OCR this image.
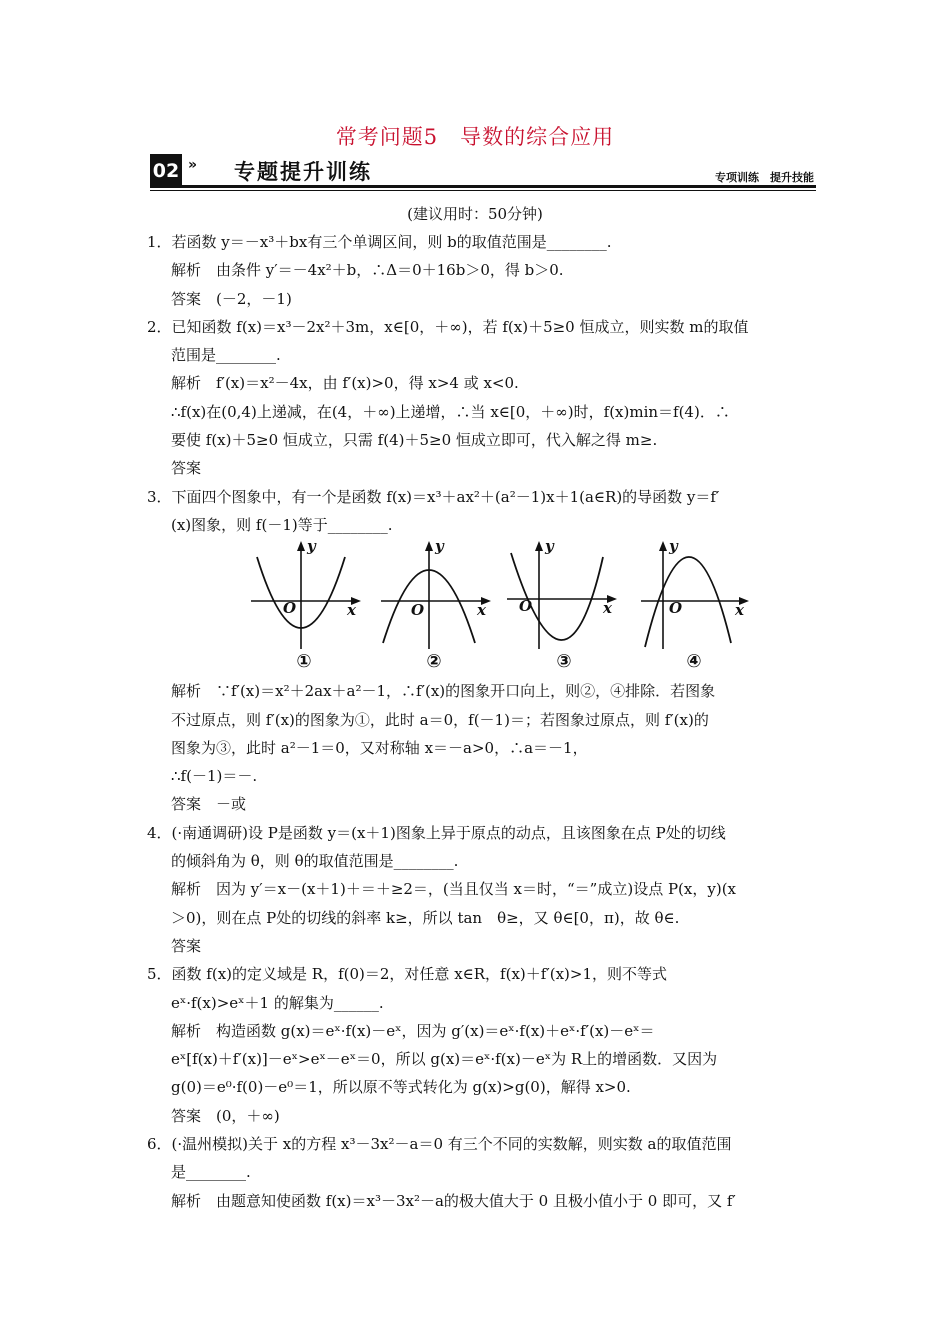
常考问题5　导数的综合应用
02 » 专题提升训练	专项训练　提升技能
(建议用时：50分钟)
1．若函数 y＝－x³＋bx有三个单调区间，则 b的取值范围是________.
解析　由条件 y′＝－4x²＋b，∴Δ＝0＋16b＞0，得 b＞0.
答案　(－2，－1)
2．已知函数 f(x)＝x³－2x²＋3m，x∈[0，＋∞)，若 f(x)＋5≥0 恒成立，则实数 m的取值
范围是________.
解析　f′(x)＝x²－4x，由 f′(x)>0，得 x>4 或 x<0.
∴f(x)在(0,4)上递减，在(4，＋∞)上递增，∴当 x∈[0，＋∞)时，f(x)min＝f(4)．∴
要使 f(x)＋5≥0 恒成立，只需 f(4)＋5≥0 恒成立即可，代入解之得 m≥.
答案
3．下面四个图象中，有一个是函数 f(x)＝x³＋ax²＋(a²－1)x＋1(a∈R)的导函数 y＝f′
(x)图象，则 f(－1)等于________.
y
x
O
①
y
x
O
②
y
x
O
③
y
x
O
④
解析　∵f′(x)＝x²＋2ax＋a²－1，∴f′(x)的图象开口向上，则②，④排除．若图象
不过原点，则 f′(x)的图象为①，此时 a＝0，f(－1)＝；若图象过原点，则 f′(x)的
图象为③，此时 a²－1＝0，又对称轴 x＝－a>0，∴a＝－1，
∴f(－1)＝－.
答案　－或
4．(·南通调研)设 P是函数 y＝(x＋1)图象上异于原点的动点，且该图象在点 P处的切线
的倾斜角为 θ，则 θ的取值范围是________.
解析　因为 y′＝x－(x＋1)＋＝＋≥2＝，(当且仅当 x＝时，“＝”成立)设点 P(x，y)(x
＞0)，则在点 P处的切线的斜率 k≥，所以 tan　θ≥，又 θ∈[0，π)，故 θ∈.
答案
5．函数 f(x)的定义域是 R，f(0)＝2，对任意 x∈R，f(x)＋f′(x)>1，则不等式
eˣ·f(x)>eˣ＋1 的解集为______.
解析　构造函数 g(x)＝eˣ·f(x)－eˣ，因为 g′(x)＝eˣ·f(x)＋eˣ·f′(x)－eˣ＝
eˣ[f(x)＋f′(x)]－eˣ>eˣ－eˣ＝0，所以 g(x)＝eˣ·f(x)－eˣ为 R上的增函数．又因为
g(0)＝e⁰·f(0)－e⁰＝1，所以原不等式转化为 g(x)>g(0)，解得 x>0.
答案　(0，＋∞)
6．(·温州模拟)关于 x的方程 x³－3x²－a＝0 有三个不同的实数解，则实数 a的取值范围
是________.
解析　由题意知使函数 f(x)＝x³－3x²－a的极大值大于 0 且极小值小于 0 即可，又 f′
